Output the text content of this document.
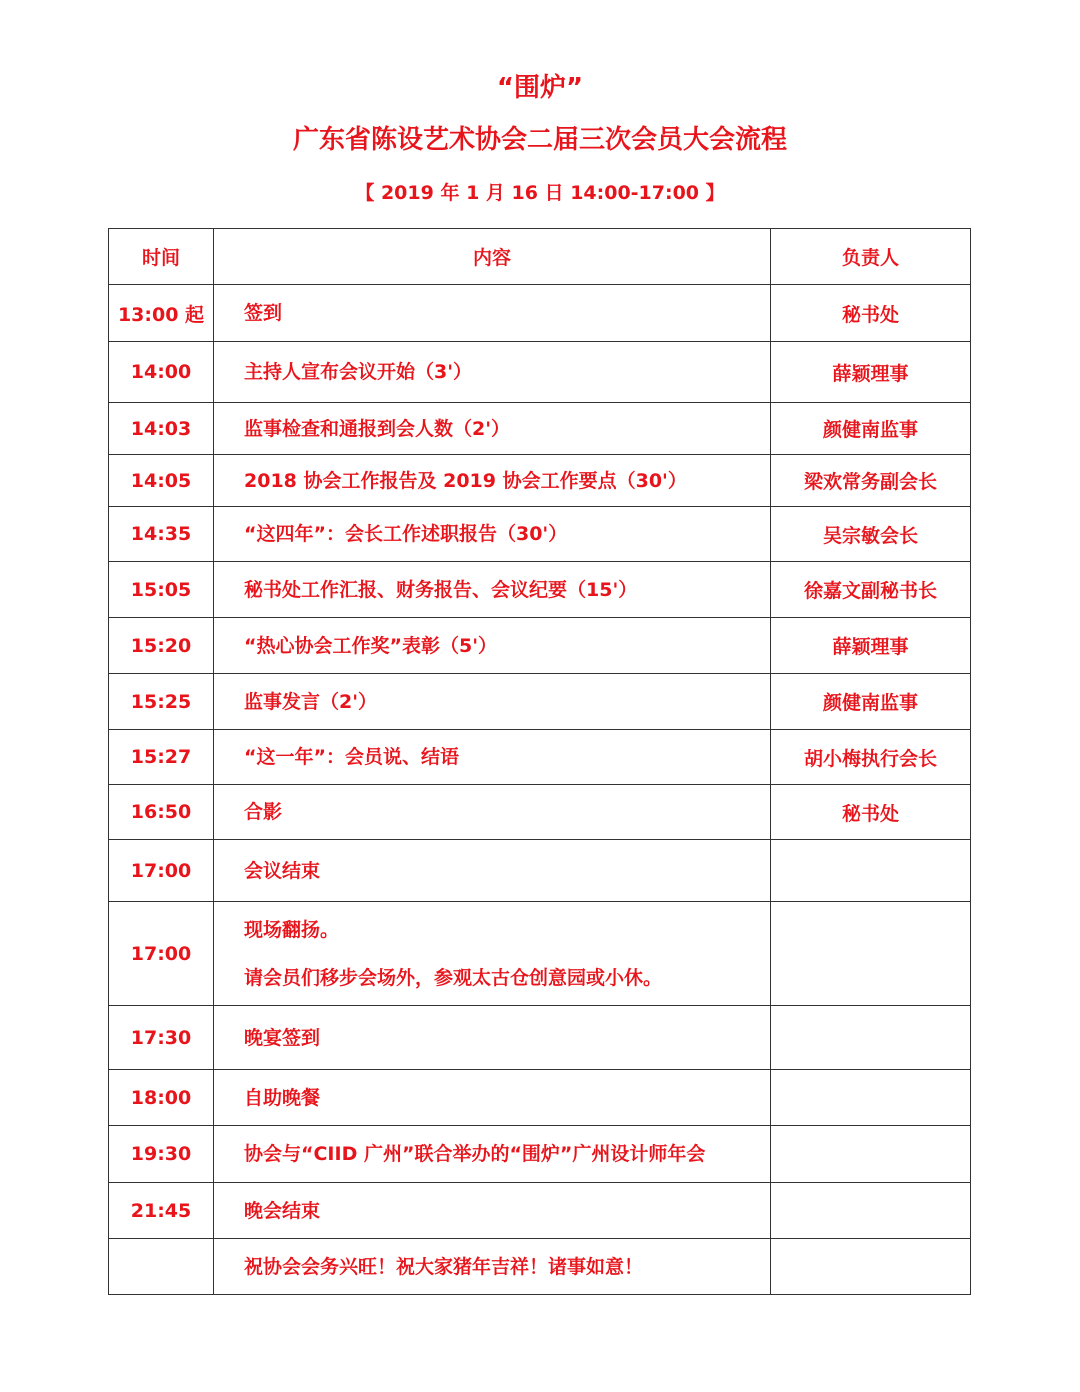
“围炉”
广东省陈设艺术协会二届三次会员大会流程
【 2019 年 1 月 16 日 14:00-17:00 】
时间	内容	负责人
13:00 起	签到	秘书处
14:00	主持人宣布会议开始（3'）	薛颖理事
14:03	监事检查和通报到会人数（2'）	颜健南监事
14:05	2018 协会工作报告及 2019 协会工作要点（30'）	梁欢常务副会长
14:35	“这四年”：会长工作述职报告（30'）	吴宗敏会长
15:05	秘书处工作汇报、财务报告、会议纪要（15'）	徐嘉文副秘书长
15:20	“热心协会工作奖”表彰（5'）	薛颖理事
15:25	监事发言（2'）	颜健南监事
15:27	“这一年”：会员说、结语	胡小梅执行会长
16:50	合影	秘书处
17:00	会议结束	

17:00	现场翻扬。
请会员们移步会场外，参观太古仓创意园或小休。	

17:30	晚宴签到	

18:00	自助晚餐	

19:30	协会与“CIID 广州”联合举办的“围炉”广州设计师年会	

21:45	晚会结束	

	祝协会会务兴旺！祝大家猪年吉祥！诸事如意！	
